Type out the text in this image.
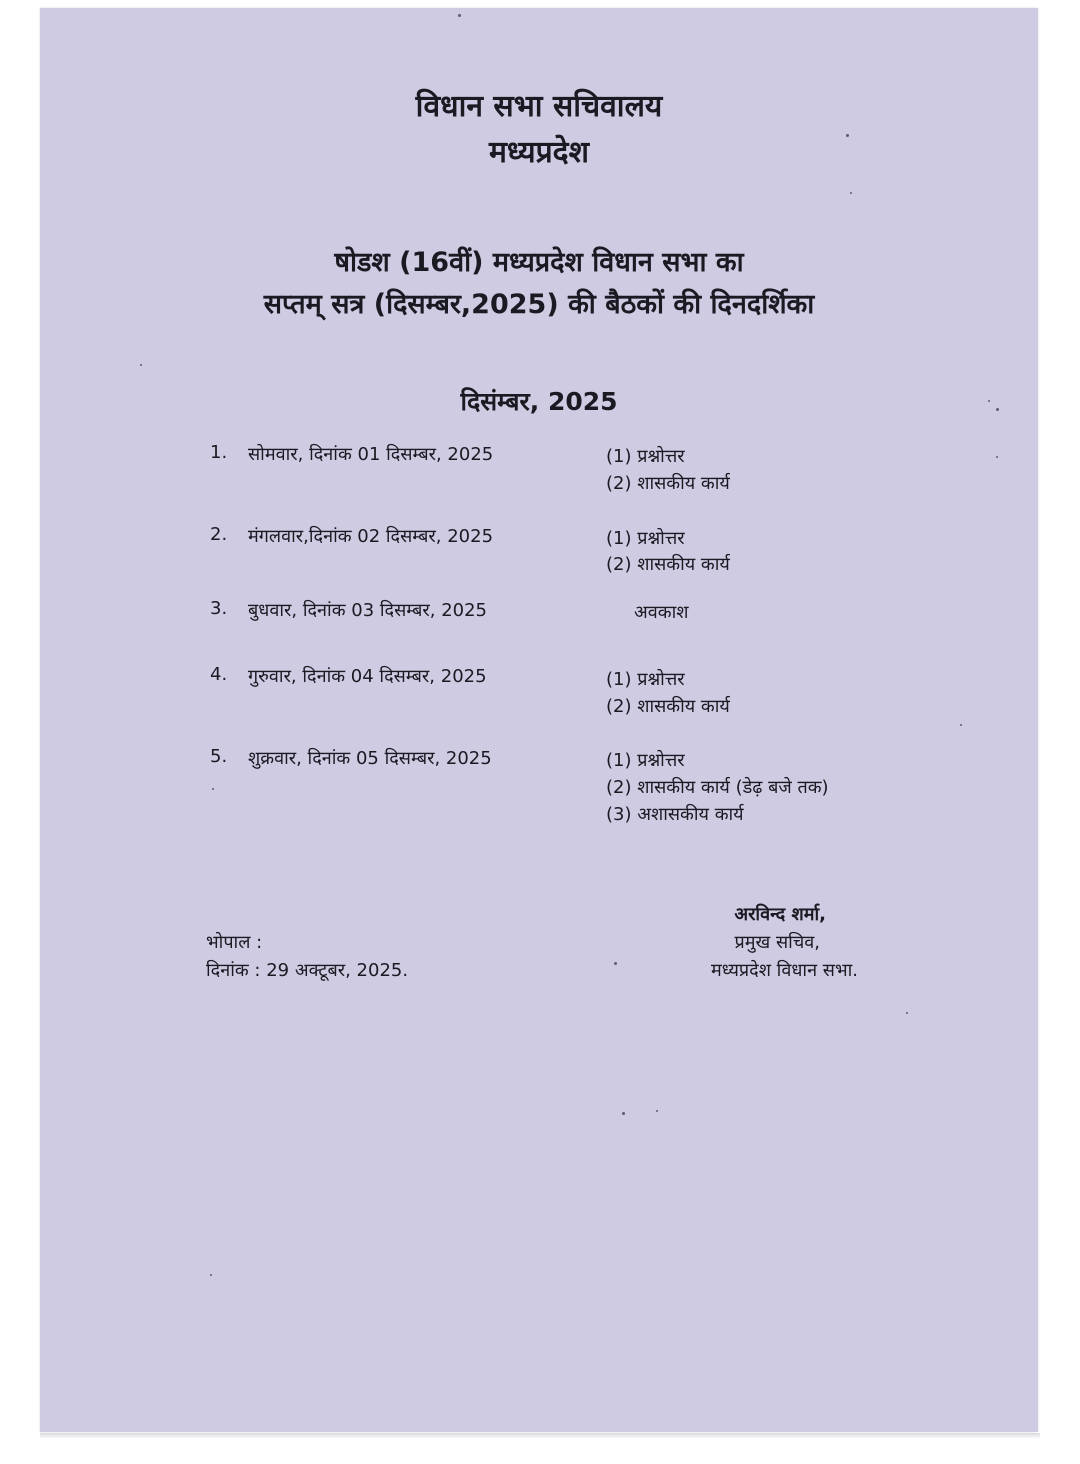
विधान सभा सचिवालय
मध्यप्रदेश
षोडश (16वीं) मध्यप्रदेश विधान सभा का
सप्तम् सत्र (दिसम्बर,2025) की बैठकों की दिनदर्शिका
दिसंम्बर, 2025
1. सोमवार, दिनांक 01 दिसम्बर, 2025	(1) प्रश्नोत्तर
(2) शासकीय कार्य
2. मंगलवार,दिनांक 02 दिसम्बर, 2025	(1) प्रश्नोत्तर
(2) शासकीय कार्य
3. बुधवार, दिनांक 03 दिसम्बर, 2025	अवकाश
4. गुरुवार, दिनांक 04 दिसम्बर, 2025	(1) प्रश्नोत्तर
(2) शासकीय कार्य
5. शुक्रवार, दिनांक 05 दिसम्बर, 2025	(1) प्रश्नोत्तर
(2) शासकीय कार्य (डेढ़ बजे तक)
(3) अशासकीय कार्य
अरविन्द शर्मा,
प्रमुख सचिव,
मध्यप्रदेश विधान सभा.
भोपाल :
दिनांक : 29 अक्टूबर, 2025.
